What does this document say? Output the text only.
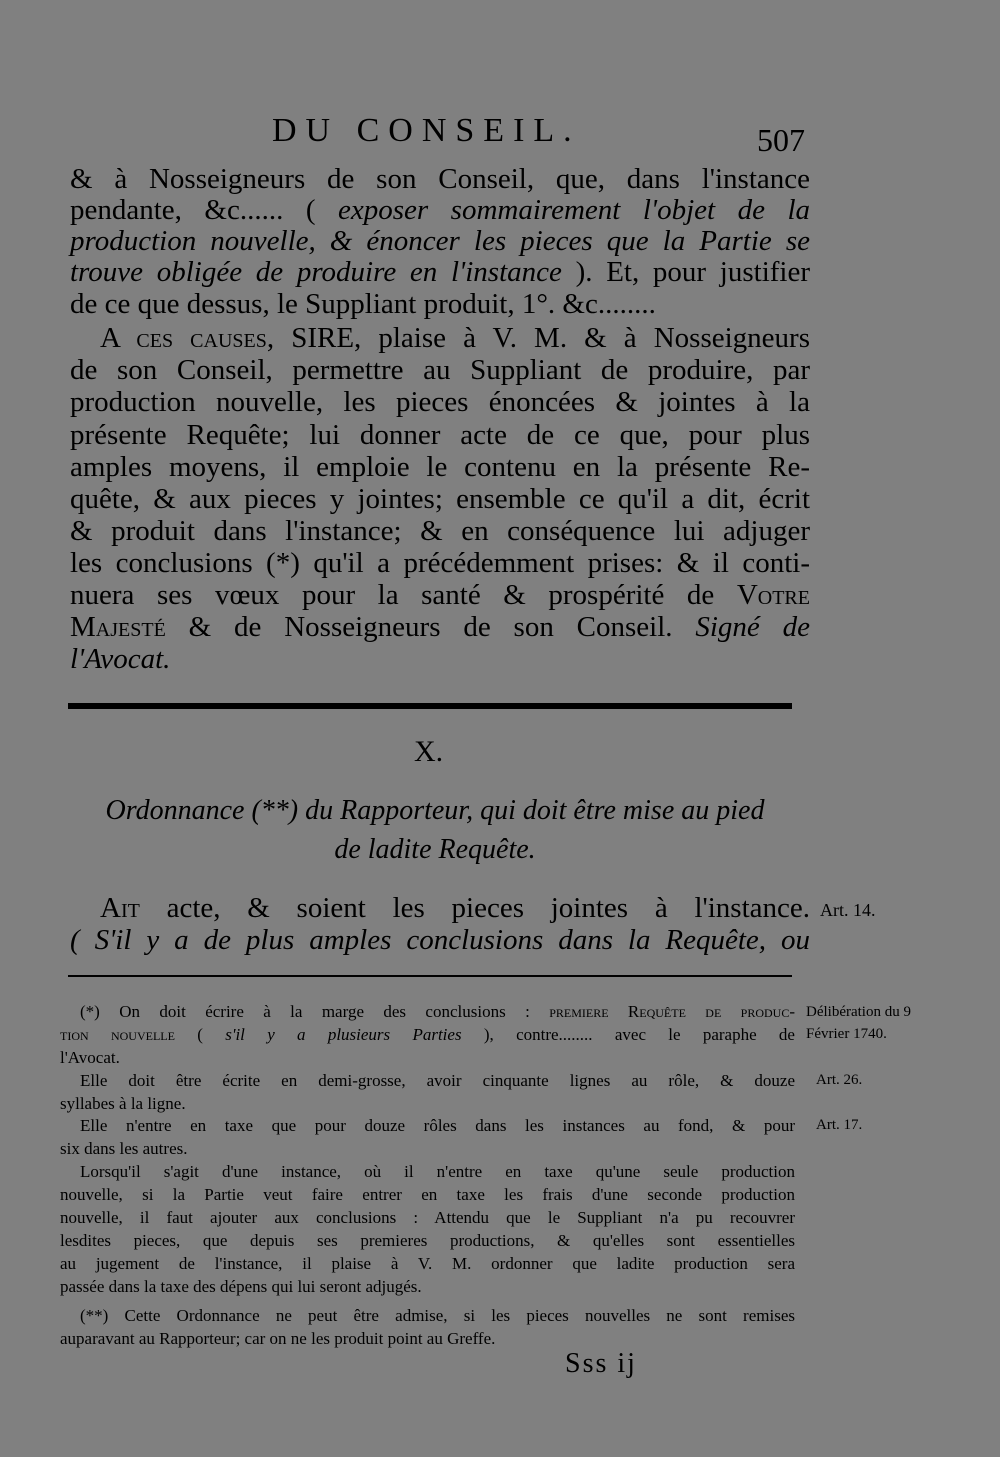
DU CONSEIL.	507
& à Nosseigneurs de son Conseil, que, dans l'instance
pendante, &c...... ( exposer sommairement l'objet de la
production nouvelle, & énoncer les pieces que la Partie se
trouve obligée de produire en l'instance ). Et, pour justifier
de ce que dessus, le Suppliant produit, 1°. &c........
A ces causes, SIRE, plaise à V. M. & à Nosseigneurs
de son Conseil, permettre au Suppliant de produire, par
production nouvelle, les pieces énoncées & jointes à la
présente Requête; lui donner acte de ce que, pour plus
amples moyens, il emploie le contenu en la présente Re-
quête, & aux pieces y jointes; ensemble ce qu'il a dit, écrit
& produit dans l'instance; & en conséquence lui adjuger
les conclusions (*) qu'il a précédemment prises: & il conti-
nuera ses vœux pour la santé & prospérité de Votre
Majesté & de Nosseigneurs de son Conseil. Signé de
l'Avocat.
X.
Ordonnance (**) du Rapporteur, qui doit être mise au pied
de ladite Requête.
Ait acte, & soient les pieces jointes à l'instance. Art. 14.
( S'il y a de plus amples conclusions dans la Requête, ou
(*) On doit écrire à la marge des conclusions : premiere Requête de produc- Délibération du 9
tion nouvelle ( s'il y a plusieurs Parties ), contre........ avec le paraphe de Février 1740.
l'Avocat.
Elle doit être écrite en demi-grosse, avoir cinquante lignes au rôle, & douze Art. 26.
syllabes à la ligne.
Elle n'entre en taxe que pour douze rôles dans les instances au fond, & pour Art. 17.
six dans les autres.
Lorsqu'il s'agit d'une instance, où il n'entre en taxe qu'une seule production
nouvelle, si la Partie veut faire entrer en taxe les frais d'une seconde production
nouvelle, il faut ajouter aux conclusions : Attendu que le Suppliant n'a pu recouvrer
lesdites pieces, que depuis ses premieres productions, & qu'elles sont essentielles
au jugement de l'instance, il plaise à V. M. ordonner que ladite production sera
passée dans la taxe des dépens qui lui seront adjugés.
(**) Cette Ordonnance ne peut être admise, si les pieces nouvelles ne sont remises
auparavant au Rapporteur; car on ne les produit point au Greffe.
Sss ij
